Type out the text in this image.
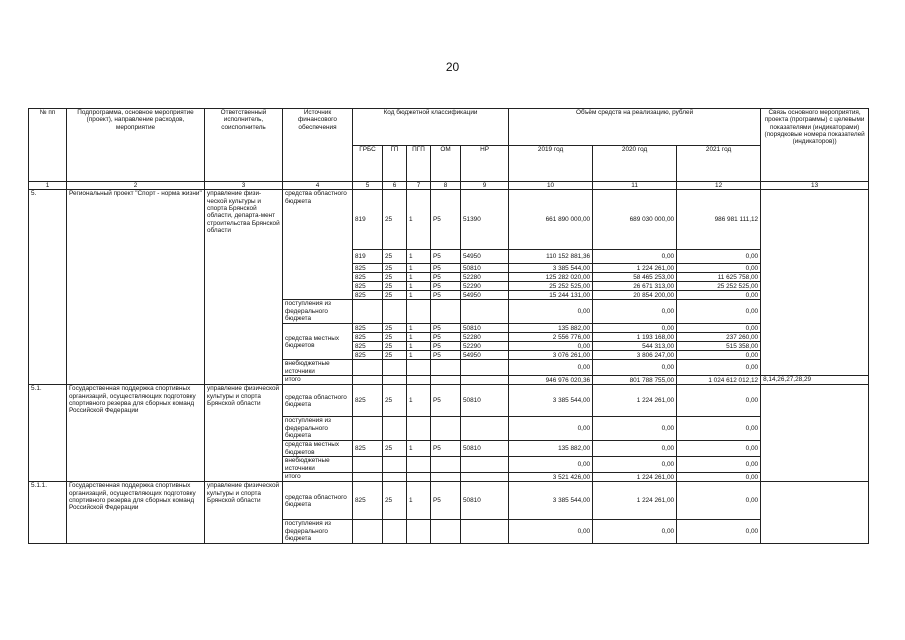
20
№ пп	Подпрограмма, основное мероприятие (проект), направление расходов, мероприятие	Ответственный исполнитель, соисполнитель	Источник финансового обеспечения	Код бюджетной классификации					Объём средств на реализацию, рублей			Связь основного мероприятия, проекта (программы) с целевыми показателями (индикаторами) (порядковые номера показателей (индикаторов))
				ГРБС	ГП	ПГП	ОМ	НР	2019 год	2020 год	2021 год	
1	2	3	4	5	6	7	8	9	10	11	12	13
5.	Региональный проект "Спорт - норма жизни"	управление физи-ческой культуры и спорта Брянской области, департа-мент строительства Брянской области	средства областного бюджета	819	25	1	P5	51390	661 890 000,00	689 030 000,00	986 981 111,12	
				819	25	1	P5	54950	110 152 881,36	0,00	0,00	
				825	25	1	P5	50810	3 385 544,00	1 224 261,00	0,00	
				825	25	1	P5	52280	125 282 020,00	58 465 253,00	11 625 758,00	
				825	25	1	P5	52290	25 252 525,00	26 671 313,00	25 252 525,00	
				825	25	1	P5	54950	15 244 131,00	20 854 200,00	0,00	
			поступления из федерального бюджета						0,00	0,00	0,00	
			средства местных бюджетов	825	25	1	P5	50810	135 882,00	0,00	0,00	
				825	25	1	P5	52280	2 556 776,00	1 193 168,00	237 260,00	
				825	25	1	P5	52290	0,00	544 313,00	515 358,00	
				825	25	1	P5	54950	3 076 261,00	3 806 247,00	0,00	
			внебюджетные источники						0,00	0,00	0,00	
			итого						946 976 020,36	801 788 755,00	1 024 612 012,12	8,14,26,27,28,29
5.1.	Государственная поддержка спортивных организаций, осуществляющих подготовку спортивного резерва для сборных команд Российской Федерации	управление физической культуры и спорта Брянской области	средства областного бюджета	825	25	1	P5	50810	3 385 544,00	1 224 261,00	0,00	
			поступления из федерального бюджета						0,00	0,00	0,00	
			средства местных бюджетов	825	25	1	P5	50810	135 882,00	0,00	0,00	
			внебюджетные источники						0,00	0,00	0,00	
			итого						3 521 426,00	1 224 261,00	0,00	
5.1.1.	Государственная поддержка спортивных организаций, осуществляющих подготовку спортивного резерва для сборных команд Российской Федерации	управление физической культуры и спорта Брянской области	средства областного бюджета	825	25	1	P5	50810	3 385 544,00	1 224 261,00	0,00	
			поступления из федерального бюджета						0,00	0,00	0,00	
